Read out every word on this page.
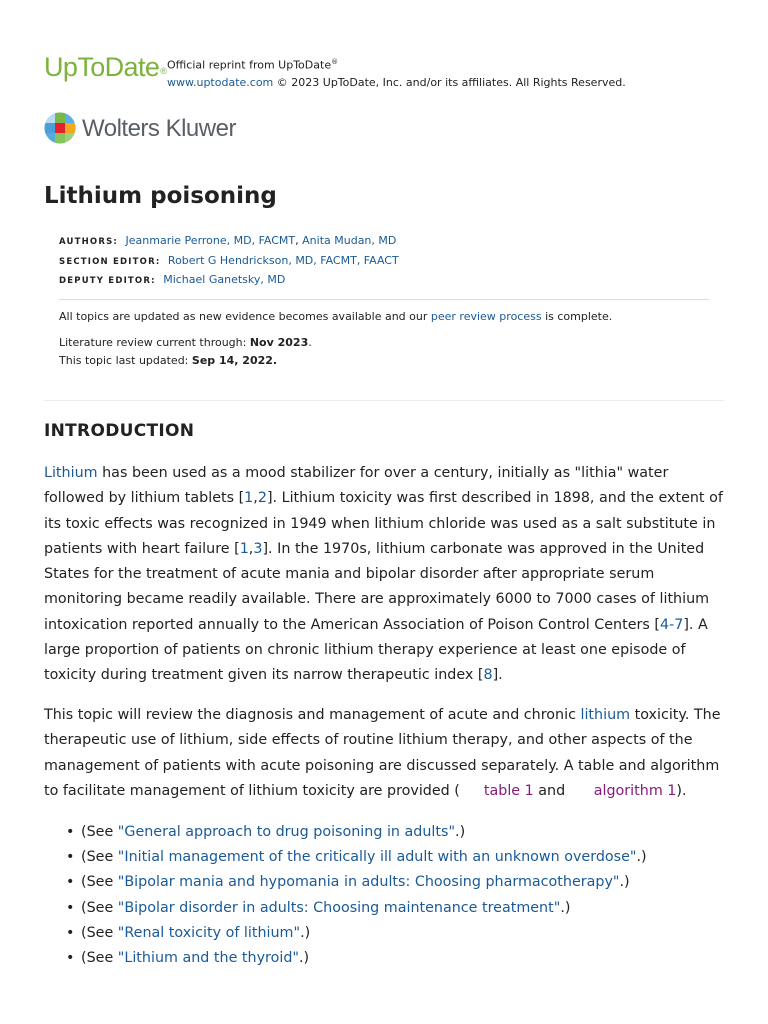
UpToDate® Official reprint from UpToDate®
www.uptodate.com © 2023 UpToDate, Inc. and/or its affiliates. All Rights Reserved.
Wolters Kluwer
Lithium poisoning
AUTHORS: Jeanmarie Perrone, MD, FACMT, Anita Mudan, MD
SECTION EDITOR: Robert G Hendrickson, MD, FACMT, FAACT
DEPUTY EDITOR: Michael Ganetsky, MD
All topics are updated as new evidence becomes available and our peer review process is complete.
Literature review current through: Nov 2023.
This topic last updated: Sep 14, 2022.
INTRODUCTION

Lithium has been used as a mood stabilizer for over a century, initially as "lithia" water followed by lithium tablets [1,2]. Lithium toxicity was first described in 1898, and the extent of its toxic effects was recognized in 1949 when lithium chloride was used as a salt substitute in patients with heart failure [1,3]. In the 1970s, lithium carbonate was approved in the United States for the treatment of acute mania and bipolar disorder after appropriate serum monitoring became readily available. There are approximately 6000 to 7000 cases of lithium intoxication reported annually to the American Association of Poison Control Centers [4-7]. A large proportion of patients on chronic lithium therapy experience at least one episode of toxicity during treatment given its narrow therapeutic index [8].

This topic will review the diagnosis and management of acute and chronic lithium toxicity. The therapeutic use of lithium, side effects of routine lithium therapy, and other aspects of the management of patients with acute poisoning are discussed separately. A table and algorithm to facilitate management of lithium toxicity are provided ( table 1 and algorithm 1).

• (See "General approach to drug poisoning in adults".)
• (See "Initial management of the critically ill adult with an unknown overdose".)
• (See "Bipolar mania and hypomania in adults: Choosing pharmacotherapy".)
• (See "Bipolar disorder in adults: Choosing maintenance treatment".)
• (See "Renal toxicity of lithium".)
• (See "Lithium and the thyroid".)
